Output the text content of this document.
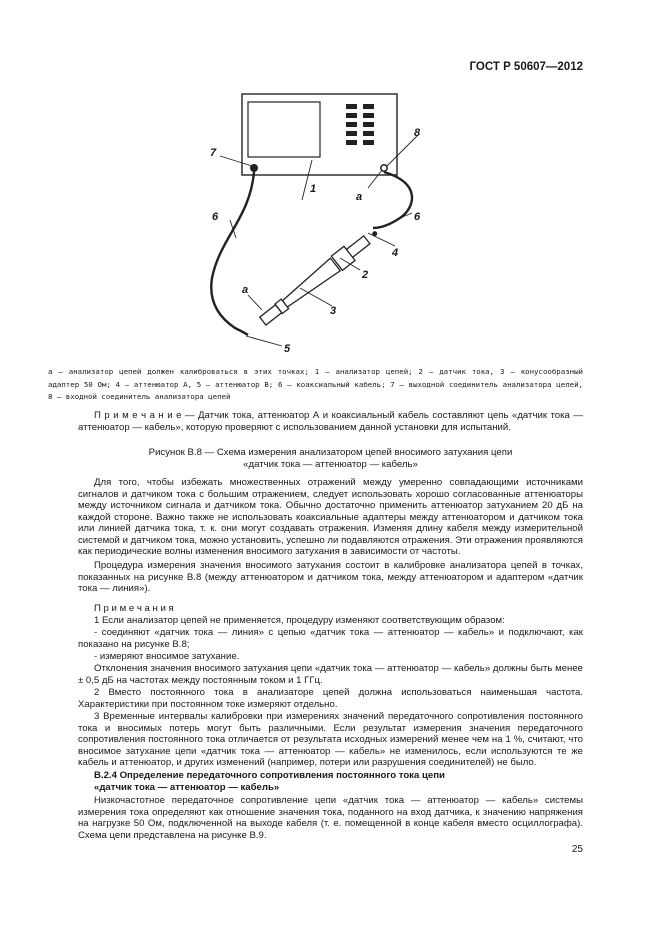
ГОСТ Р 50607—2012
7
1
8
а
6
6
4
2
а
3
5
а — анализатор цепей должен калиброваться в этих точках; 1 — анализатор цепей; 2 — датчик тока, 3 — конусообразный адаптер 50 Ом; 4 — аттенюатор А, 5 — аттенюатор В; 6 — коаксиальный кабель; 7 — выходной соединитель анализатора цепей, 8 — входной соединитель анализатора цепей
П р и м е ч а н и е — Датчик тока, аттенюатор А и коаксиальный кабель составляют цепь «датчик тока — аттенюатор — кабель», которую проверяют с использованием данной установки для испытаний.
Рисунок В.8 — Схема измерения анализатором цепей вносимого затухания цепи
«датчик тока — аттенюатор — кабель»
Для того, чтобы избежать множественных отражений между умеренно совпадающими источниками сигналов и датчиком тока с большим отражением, следует использовать хорошо согласованные аттенюаторы между источником сигнала и датчиком тока. Обычно достаточно применить аттенюатор затуханием 20 дБ на каждой стороне. Важно также не использовать коаксиальные адаптеры между аттенюатором и датчиком тока или линией датчика тока, т. к. они могут создавать отражения. Изменяя длину кабеля между измерительной системой и датчиком тока, можно установить, успешно ли подавляются отражения. Эти отражения проявляются как периодические волны изменения вносимого затухания в зависимости от частоты.
Процедура измерения значения вносимого затухания состоит в калибровке анализатора цепей в точках, показанных на рисунке В.8 (между аттенюатором и датчиком тока, между аттенюатором и адаптером «датчик тока — линия»).
П р и м е ч а н и я
1 Если анализатор цепей не применяется, процедуру изменяют соответствующим образом:
- соединяют «датчик тока — линия» с цепью «датчик тока — аттенюатор — кабель» и подключают, как показано на рисунке В.8;
- измеряют вносимое затухание.
Отклонения значения вносимого затухания цепи «датчик тока — аттенюатор — кабель» должны быть менее ± 0,5 дБ на частотах между постоянным током и 1 ГГц.
2 Вместо постоянного тока в анализаторе цепей должна использоваться наименьшая частота. Характеристики при постоянном токе измеряют отдельно.
3 Временные интервалы калибровки при измерениях значений передаточного сопротивления постоянного тока и вносимых потерь могут быть различными. Если результат измерения значения передаточного сопротивления постоянного тока отличается от результата исходных измерений менее чем на 1 %, считают, что вносимое затухание цепи «датчик тока — аттенюатор — кабель» не изменилось, если используются те же кабель и аттенюатор, и других изменений (например, потери или разрушения соединителей) не было.
В.2.4 Определение передаточного сопротивления постоянного тока цепи
«датчик тока — аттенюатор — кабель»
Низкочастотное передаточное сопротивление цепи «датчик тока — аттенюатор — кабель» системы измерения тока определяют как отношение значения тока, поданного на вход датчика, к значению напряжения на нагрузке 50 Ом, подключенной на выходе кабеля (т. е. помещенной в конце кабеля вместо осциллографа). Схема цепи представлена на рисунке В.9.
25
